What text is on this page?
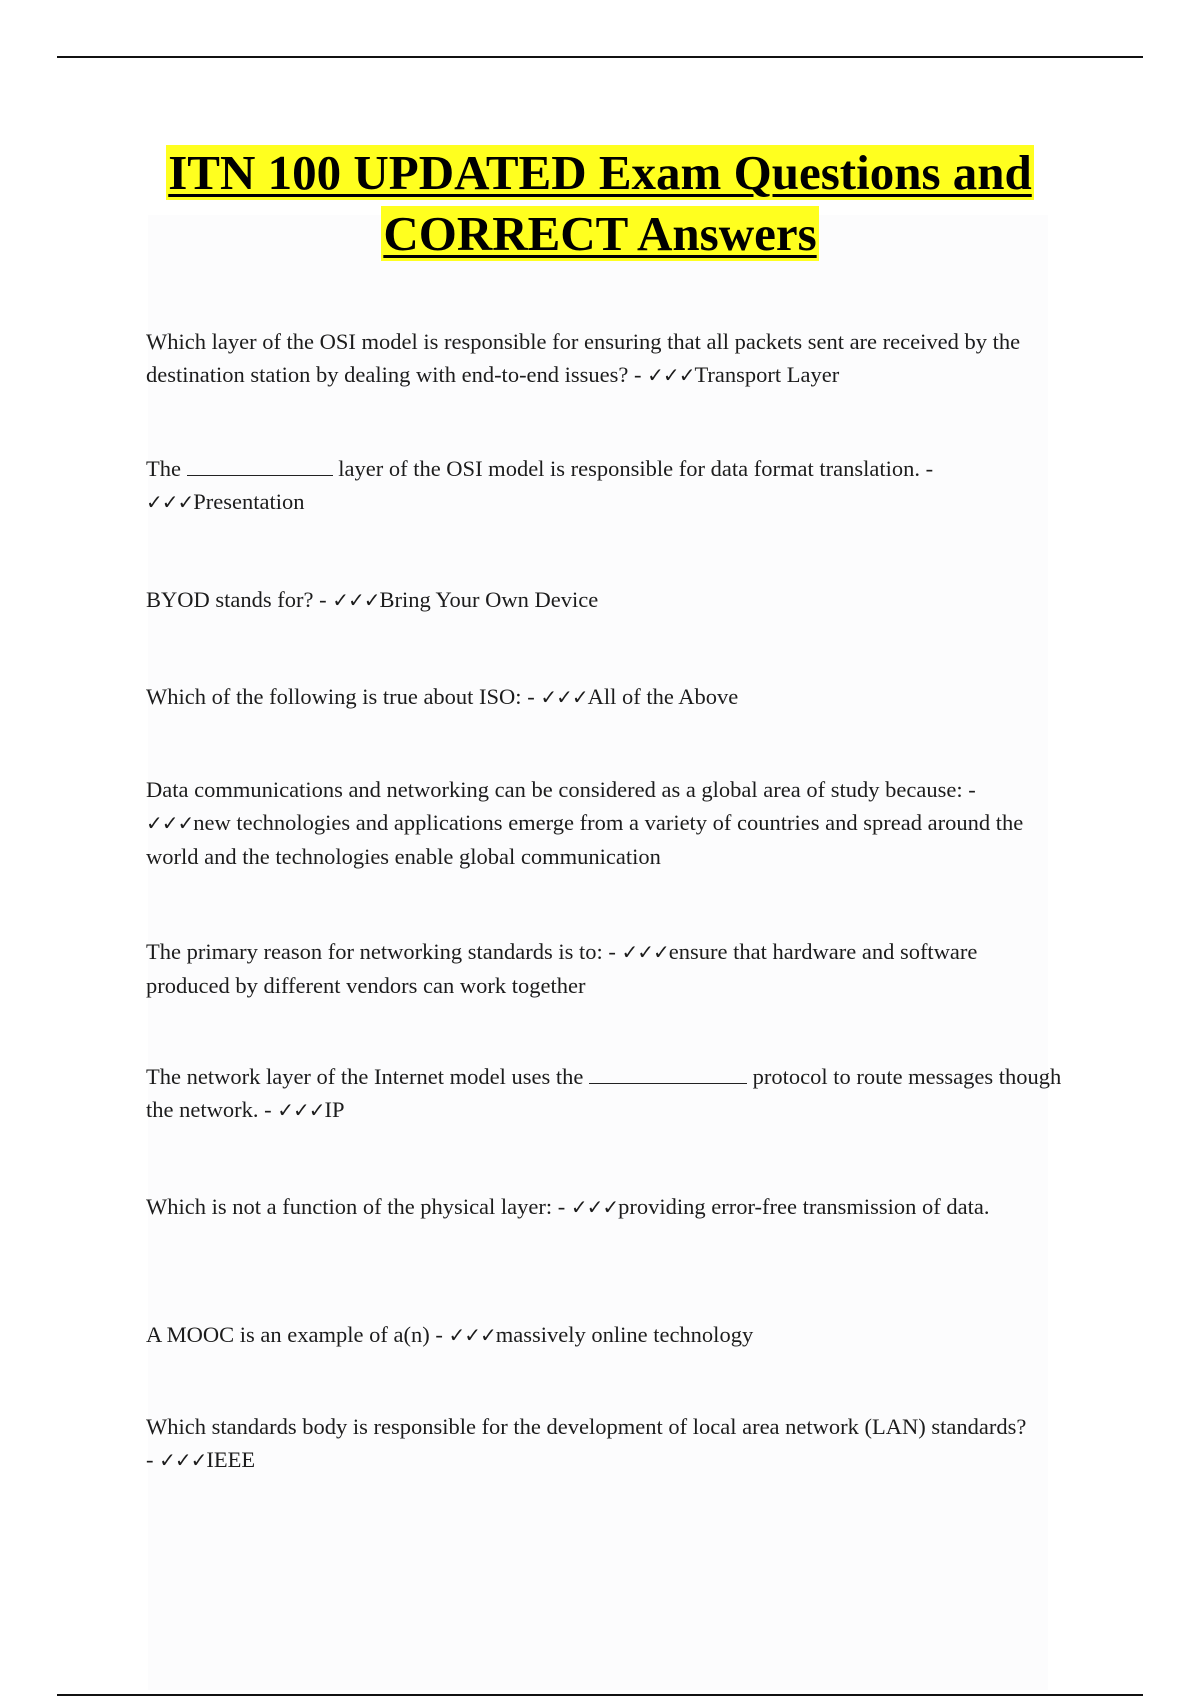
ITN 100 UPDATED Exam Questions and
CORRECT Answers

Which layer of the OSI model is responsible for ensuring that all packets sent are received by the destination station by dealing with end-to-end issues? - ✓✓✓Transport Layer

The	layer of the OSI model is responsible for data format translation. -
✓✓✓Presentation

BYOD stands for? - ✓✓✓Bring Your Own Device

Which of the following is true about ISO: - ✓✓✓All of the Above

Data communications and networking can be considered as a global area of study because: - ✓✓✓new technologies and applications emerge from a variety of countries and spread around the world and the technologies enable global communication

The primary reason for networking standards is to: - ✓✓✓ensure that hardware and software produced by different vendors can work together

The network layer of the Internet model uses the	protocol to route messages though the network. - ✓✓✓IP

Which is not a function of the physical layer: - ✓✓✓providing error-free transmission of data.

A MOOC is an example of a(n) - ✓✓✓massively online technology

Which standards body is responsible for the development of local area network (LAN) standards? - ✓✓✓IEEE
